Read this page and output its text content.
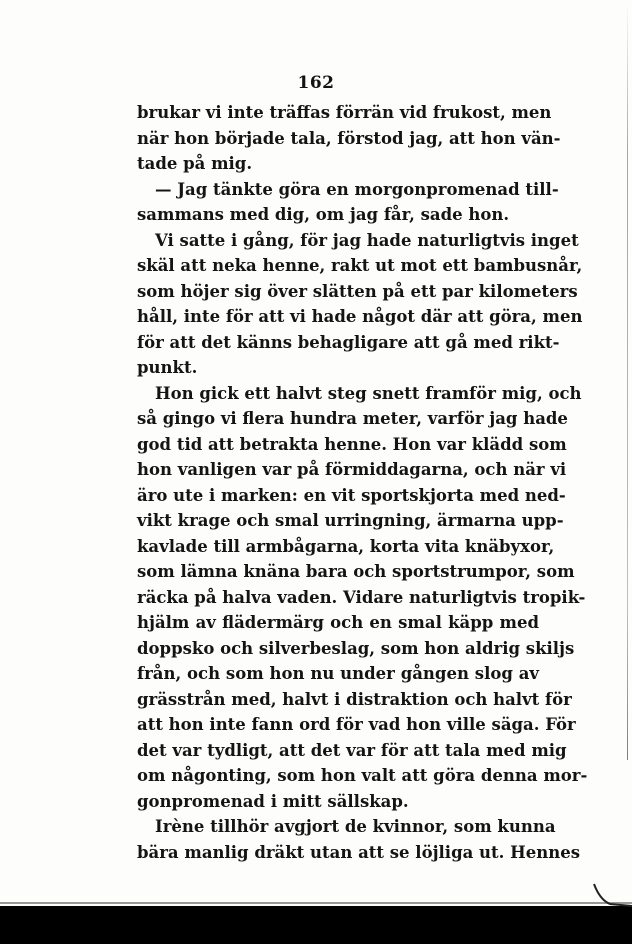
162
brukar vi inte träffas förrän vid frukost, men
när hon började tala, förstod jag, att hon vän-
tade på mig.
— Jag tänkte göra en morgonpromenad till-
sammans med dig, om jag får, sade hon.
Vi satte i gång, för jag hade naturligtvis inget
skäl att neka henne, rakt ut mot ett bambusnår,
som höjer sig över slätten på ett par kilometers
håll, inte för att vi hade något där att göra, men
för att det känns behagligare att gå med rikt-
punkt.
Hon gick ett halvt steg snett framför mig, och
så gingo vi flera hundra meter, varför jag hade
god tid att betrakta henne. Hon var klädd som
hon vanligen var på förmiddagarna, och när vi
äro ute i marken: en vit sportskjorta med ned-
vikt krage och smal urringning, ärmarna upp-
kavlade till armbågarna, korta vita knäbyxor,
som lämna knäna bara och sportstrumpor, som
räcka på halva vaden. Vidare naturligtvis tropik-
hjälm av flädermärg och en smal käpp med
doppsko och silverbeslag, som hon aldrig skiljs
från, och som hon nu under gången slog av
grässtrån med, halvt i distraktion och halvt för
att hon inte fann ord för vad hon ville säga. För
det var tydligt, att det var för att tala med mig
om någonting, som hon valt att göra denna mor-
gonpromenad i mitt sällskap.
Irène tillhör avgjort de kvinnor, som kunna
bära manlig dräkt utan att se löjliga ut. Hennes
